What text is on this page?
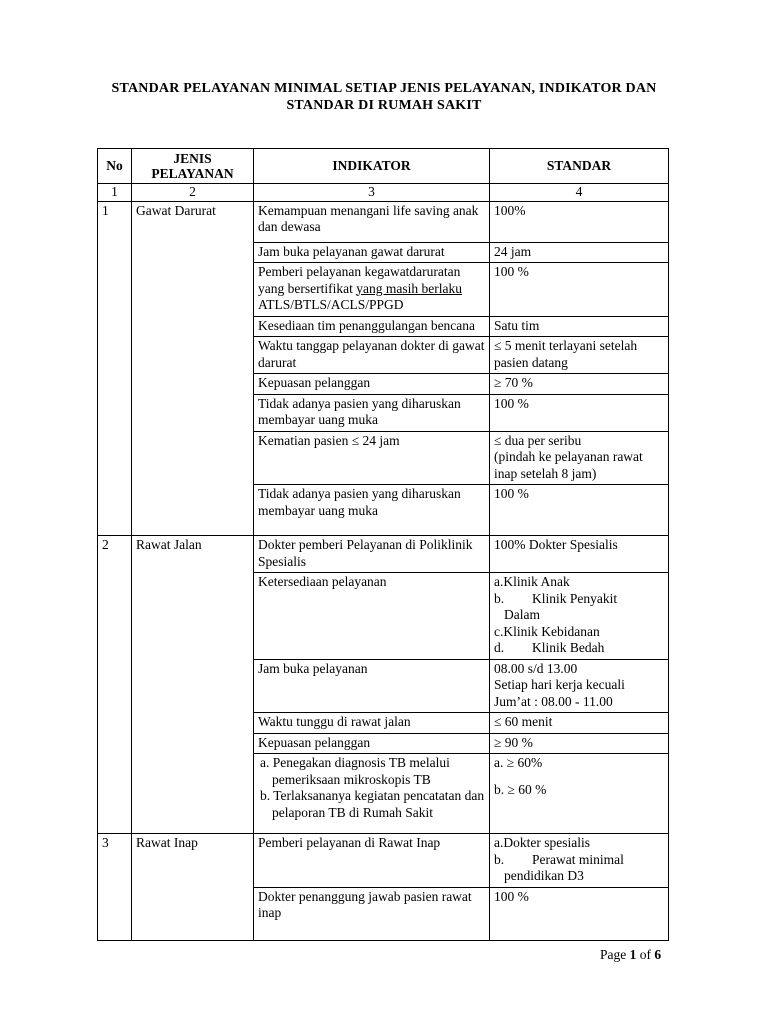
STANDAR PELAYANAN MINIMAL SETIAP JENIS PELAYANAN, INDIKATOR DAN
STANDAR DI RUMAH SAKIT
No	JENIS PELAYANAN	INDIKATOR	STANDAR
1	2	3	4
1	Gawat Darurat	Kemampuan menangani life saving anak dan dewasa	100%
		Jam buka pelayanan gawat darurat	24 jam
		Pemberi pelayanan kegawatdaruratan yang bersertifikat yang masih berlaku ATLS/BTLS/ACLS/PPGD	100 %
		Kesediaan tim penanggulangan bencana	Satu tim
		Waktu tanggap pelayanan dokter di gawat darurat	≤ 5 menit terlayani setelah pasien datang
		Kepuasan pelanggan	≥ 70 %
		Tidak adanya pasien yang diharuskan membayar uang muka	100 %
		Kematian pasien ≤ 24 jam	≤ dua per seribu
(pindah ke pelayanan rawat inap setelah 8 jam)

		Tidak adanya pasien yang diharuskan membayar uang muka	100 %
2	Rawat Jalan	Dokter pemberi Pelayanan di Poliklinik Spesialis	100% Dokter Spesialis
		Ketersediaan pelayanan	a.Klinik Anak
b. Klinik Penyakit
Dalam
c.Klinik Kebidanan
d. Klinik Bedah

		Jam buka pelayanan	08.00 s/d 13.00
Setiap hari kerja kecuali Jum’at : 08.00 - 11.00

		Waktu tunggu di rawat jalan	≤ 60 menit
		Kepuasan pelanggan	≥ 90 %

		a. Penegakan diagnosis TB melalui pemeriksaan mikroskopis TB
b. Terlaksananya kegiatan pencatatan dan pelaporan TB di Rumah Sakit	a. ≥ 60%
b. ≥ 60 %

3	Rawat Inap	Pemberi pelayanan di Rawat Inap	a.Dokter spesialis
b. Perawat minimal
pendidikan D3

		Dokter penanggung jawab pasien rawat inap	100 %
Page 1 of 6
